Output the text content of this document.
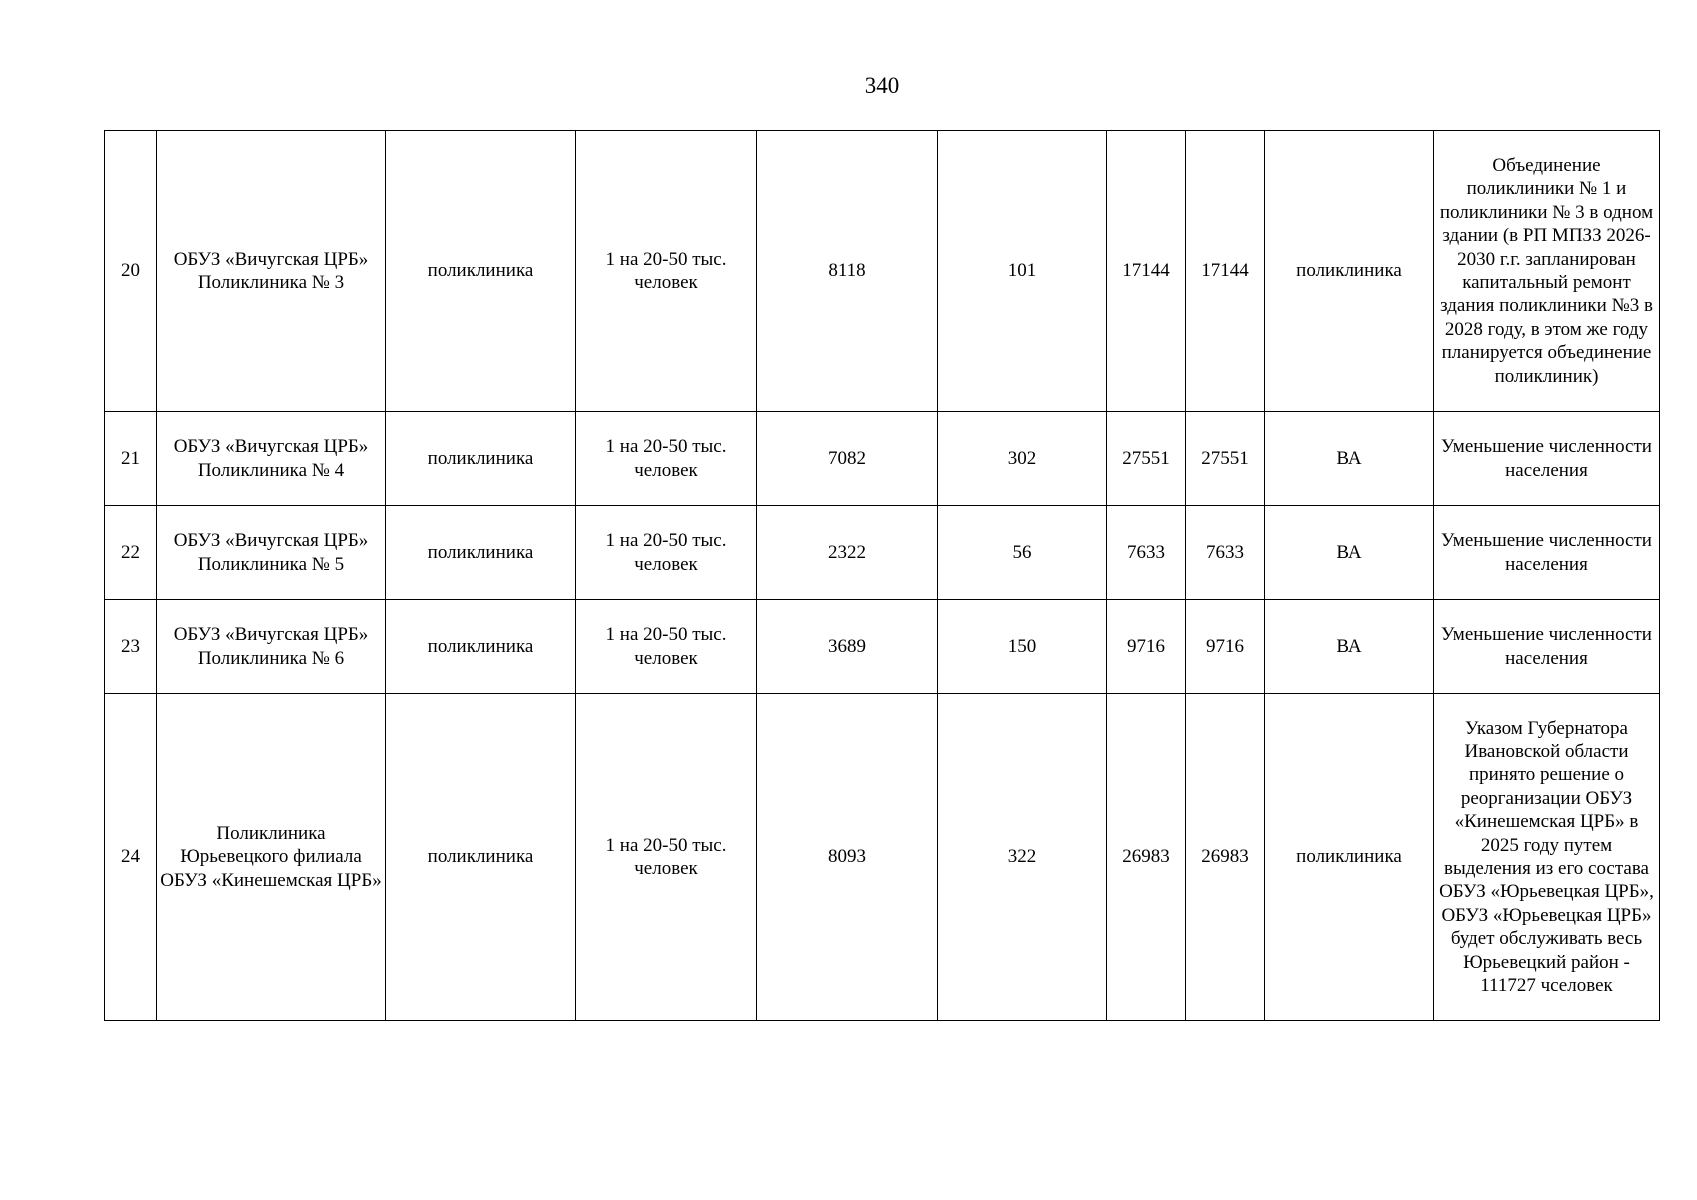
340
20	ОБУЗ «Вичугская ЦРБ» Поликлиника № 3	поликлиника	1 на 20-50 тыс. человек	8118	101	17144	17144	поликлиника	Объединение поликлиники № 1 и поликлиники № 3 в одном здании (в РП МПЗЗ 2026-2030 г.г. запланирован капитальный ремонт здания поликлиники №3 в 2028 году, в этом же году планируется объединение поликлиник)
21	ОБУЗ «Вичугская ЦРБ» Поликлиника № 4	поликлиника	1 на 20-50 тыс. человек	7082	302	27551	27551	ВА	Уменьшение численности населения
22	ОБУЗ «Вичугская ЦРБ» Поликлиника № 5	поликлиника	1 на 20-50 тыс. человек	2322	56	7633	7633	ВА	Уменьшение численности населения
23	ОБУЗ «Вичугская ЦРБ» Поликлиника № 6	поликлиника	1 на 20-50 тыс. человек	3689	150	9716	9716	ВА	Уменьшение численности населения
24	Поликлиника Юрьевецкого филиала ОБУЗ «Кинешемская ЦРБ»	поликлиника	1 на 20-50 тыс. человек	8093	322	26983	26983	поликлиника	Указом Губернатора Ивановской области принято решение о реорганизации ОБУЗ «Кинешемская ЦРБ» в 2025 году путем выделения из его состава ОБУЗ «Юрьевецкая ЦРБ», ОБУЗ «Юрьевецкая ЦРБ» будет обслуживать весь Юрьевецкий район - 111727 чселовек
